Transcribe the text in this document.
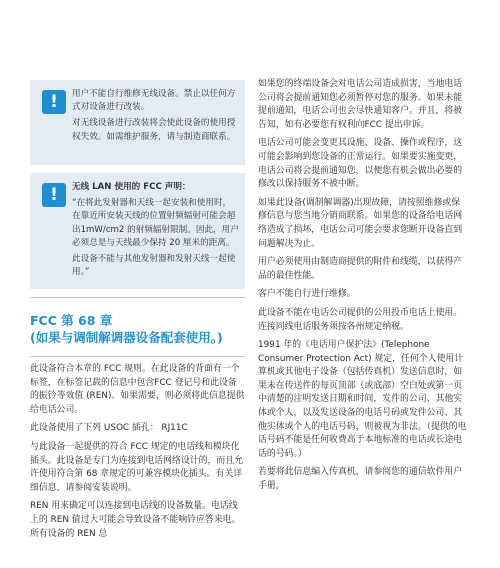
!	用户不能自行维修无线设备。禁止以任何方式对设备进行改装。

对无线设备进行改装将会使此设备的使用授权失效。如需维护服务，请与制造商联系。

!	无线 LAN 使用的 FCC 声明：

“在将此发射器和天线一起安装和使用时，在靠近所安装天线的位置射频辐射可能会超出1mW/cm2 的射频辐射限制。因此，用户必须总是与天线最少保持 20 厘米的距离。

此设备不能与其他发射器和发射天线一起使用。”

FCC 第 68 章
(如果与调制解调器设备配套使用。)

此设备符合本章的 FCC 规则。在此设备的背面有一个标签，在标签记载的信息中包含FCC 登记号和此设备的振铃等效值 (REN)。如果需要，则必须将此信息提供给电话公司。

此设备使用了下列 USOC 插孔： RJ11C

与此设备一起提供的符合 FCC 规定的电话线和模块化插头。此设备是专门为连接到电话网络设计的，而且允许使用符合第 68 章规定的可兼容模块化插头。有关详细信息，请参阅安装说明。

REN 用来确定可以连接到电话线的设备数量。电话线上的 REN 值过大可能会导致设备不能响铃应答来电。所有设备的 REN 总

如果您的终端设备会对电话公司造成损害，当地电话公司将会提前通知您必须暂停对您的服务。如果未能提前通知，电话公司也会尽快通知客户。并且，将被告知，如有必要您有权利向FCC 提出申诉。

电话公司可能会变更其设施、设备、操作或程序，这可能会影响到您设备的正常运行。如果要实施变更，电话公司将会提前通知您，以便您有机会做出必要的修改以保持服务不被中断。

如果此设备(调制解调器)出现故障，请按照维修或保修信息与您当地分销商联系。如果您的设备给电话网络造成了损坏，电话公司可能会要求您断开设备直到问题解决为止。

用户必须使用由制造商提供的附件和线缆，以获得产品的最佳性能。

客户不能自行进行维修。

此设备不能在电话公司提供的公用投币电话上使用。连接同线电话服务须按各州规定纳税。

1991 年的《电话用户保护法》(Telephone Consumer Protection Act) 规定，任何个人使用计算机或其他电子设备（包括传真机）发送信息时，如果未在传送件的每页顶部（或底部）空白处或第一页中清楚的注明发送日期和时间，发件的公司、其他实体或个人，以及发送设备的电话号码或发件公司、其他实体或个人的电话号码，则被视为非法。（提供的电话号码不能是任何收费高于本地标准的电话或长途电话的号码。）

若要将此信息编入传真机，请参阅您的通信软件用户手册。
